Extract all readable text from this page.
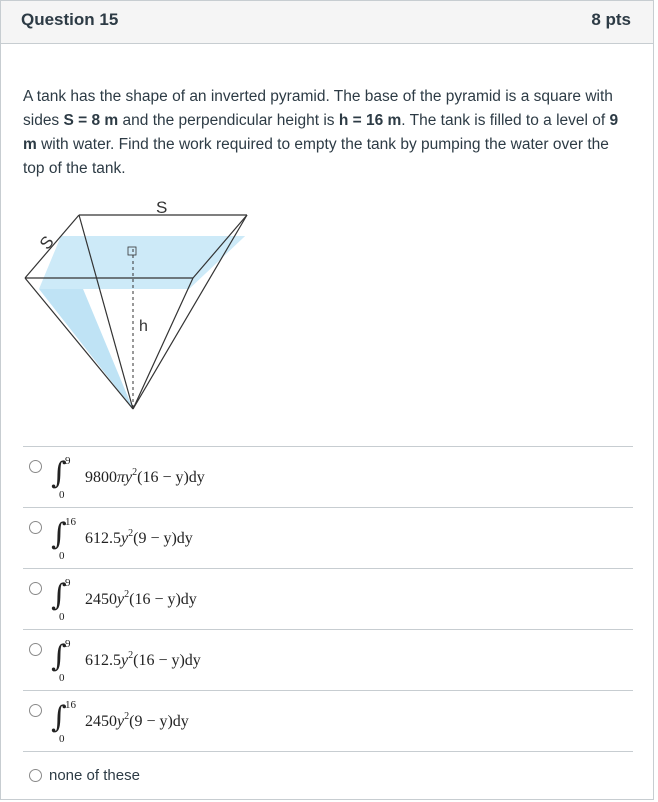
Question 15	8 pts
A tank has the shape of an inverted pyramid. The base of the pyramid is a square with sides S = 8 m and the perpendicular height is h = 16 m. The tank is filled to a level of 9 m with water. Find the work required to empty the tank by pumping the water over the top of the tank.
S
S
h
∫
9
0
$9800\pi y^2(16 - y)dy$
∫
16
0
$612.5y^2(9 - y)dy$
∫
9
0
$2450y^2(16 - y)dy$
∫
9
0
$612.5y^2(16 - y)dy$
∫
16
0
$2450y^2(9 - y)dy$
none of these
